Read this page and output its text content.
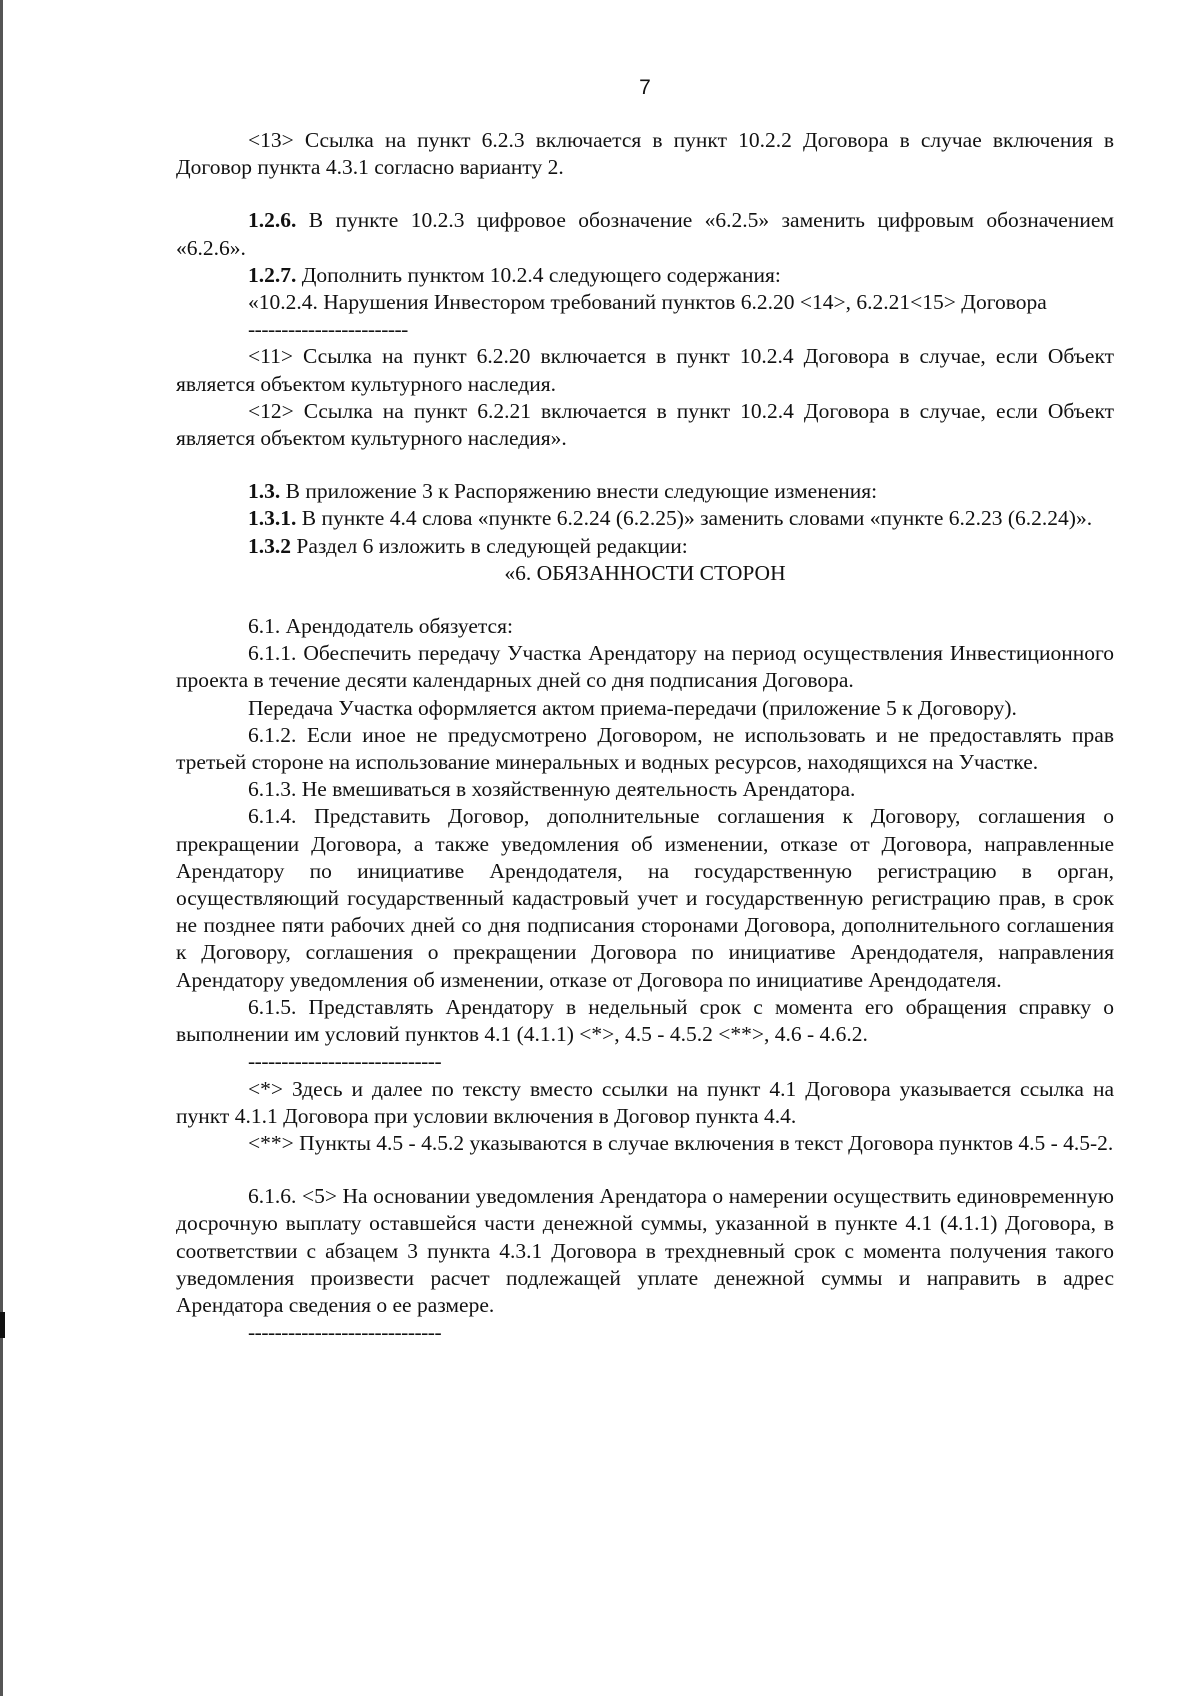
7

<13> Ссылка на пункт 6.2.3 включается в пункт 10.2.2 Договора в случае включения в Договор пункта 4.3.1 согласно варианту 2.

1.2.6. В пункте 10.2.3 цифровое обозначение «6.2.5» заменить цифровым обозначением «6.2.6».

1.2.7. Дополнить пунктом 10.2.4 следующего содержания:

«10.2.4. Нарушения Инвестором требований пунктов 6.2.20 <14>, 6.2.21<15> Договора

------------------------

<11> Ссылка на пункт 6.2.20 включается в пункт 10.2.4 Договора в случае, если Объект является объектом культурного наследия.

<12> Ссылка на пункт 6.2.21 включается в пункт 10.2.4 Договора в случае, если Объект является объектом культурного наследия».

1.3. В приложение 3 к Распоряжению внести следующие изменения:

1.3.1. В пункте 4.4 слова «пункте 6.2.24 (6.2.25)» заменить словами «пункте 6.2.23 (6.2.24)».

1.3.2 Раздел 6 изложить в следующей редакции:

«6. ОБЯЗАННОСТИ СТОРОН

6.1. Арендодатель обязуется:

6.1.1. Обеспечить передачу Участка Арендатору на период осуществления Инвестиционного проекта в течение десяти календарных дней со дня подписания Договора.

Передача Участка оформляется актом приема-передачи (приложение 5 к Договору).

6.1.2. Если иное не предусмотрено Договором, не использовать и не предоставлять прав третьей стороне на использование минеральных и водных ресурсов, находящихся на Участке.

6.1.3. Не вмешиваться в хозяйственную деятельность Арендатора.

6.1.4. Представить Договор, дополнительные соглашения к Договору, соглашения о прекращении Договора, а также уведомления об изменении, отказе от Договора, направленные Арендатору по инициативе Арендодателя, на государственную регистрацию в орган, осуществляющий государственный кадастровый учет и государственную регистрацию прав, в срок не позднее пяти рабочих дней со дня подписания сторонами Договора, дополнительного соглашения к Договору, соглашения о прекращении Договора по инициативе Арендодателя, направления Арендатору уведомления об изменении, отказе от Договора по инициативе Арендодателя.

6.1.5. Представлять Арендатору в недельный срок с момента его обращения справку о выполнении им условий пунктов 4.1 (4.1.1) <*>, 4.5 - 4.5.2 <**>, 4.6 - 4.6.2.

-----------------------------

<*> Здесь и далее по тексту вместо ссылки на пункт 4.1 Договора указывается ссылка на пункт 4.1.1 Договора при условии включения в Договор пункта 4.4.

<**> Пункты 4.5 - 4.5.2 указываются в случае включения в текст Договора пунктов 4.5 - 4.5-2.

6.1.6. <5> На основании уведомления Арендатора о намерении осуществить единовременную досрочную выплату оставшейся части денежной суммы, указанной в пункте 4.1 (4.1.1) Договора, в соответствии с абзацем 3 пункта 4.3.1 Договора в трехдневный срок с момента получения такого уведомления произвести расчет подлежащей уплате денежной суммы и направить в адрес Арендатора сведения о ее размере.

-----------------------------
